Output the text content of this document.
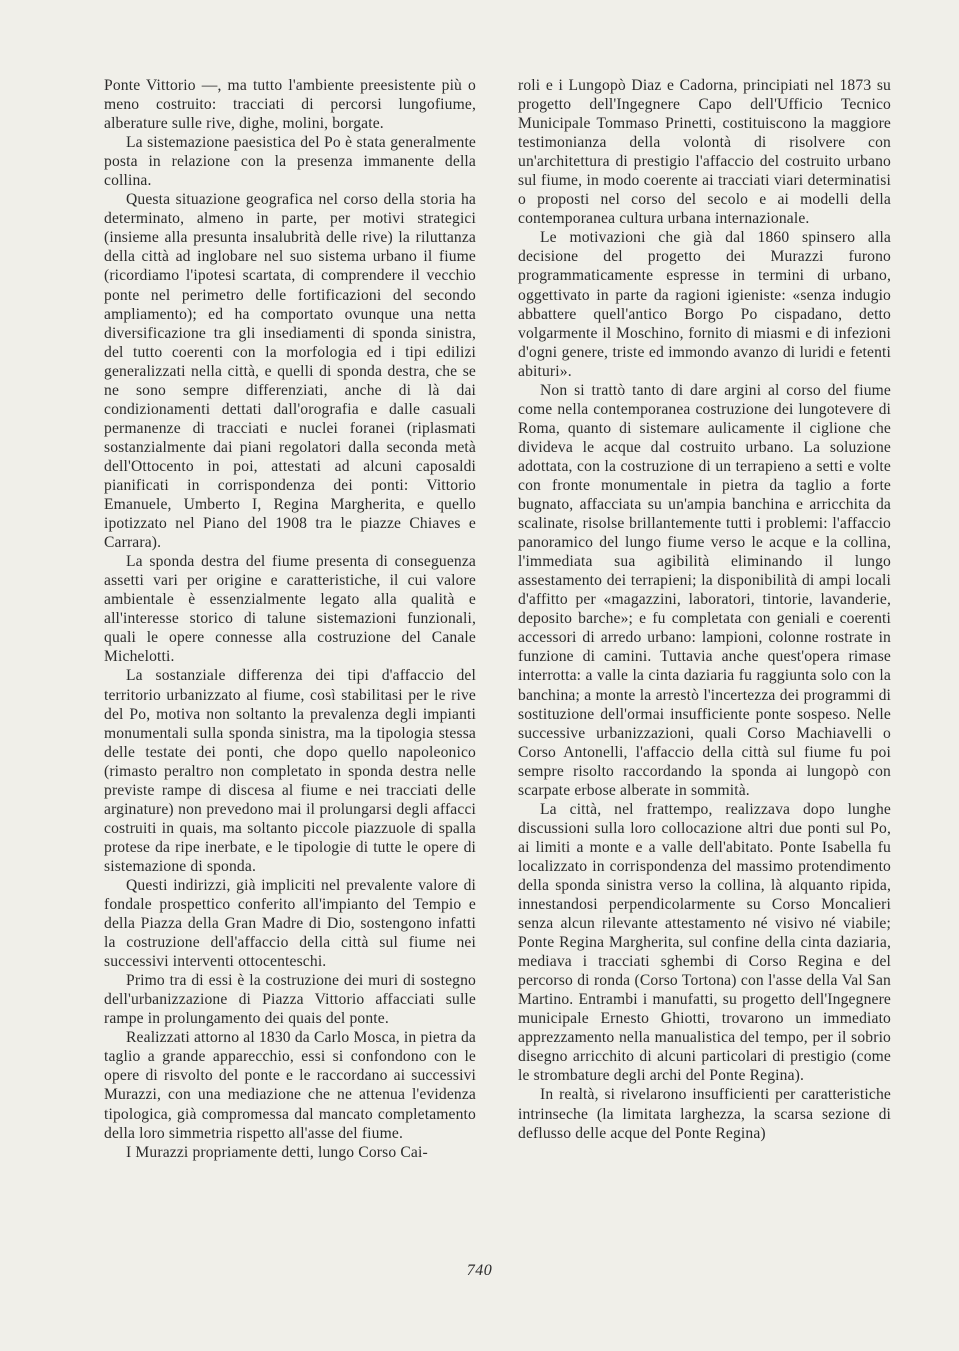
Ponte Vittorio —, ma tutto l'ambiente preesistente più o meno costruito: tracciati di percorsi lungofiume, alberature sulle rive, dighe, molini, borgate.

La sistemazione paesistica del Po è stata generalmente posta in relazione con la presenza immanente della collina.

Questa situazione geografica nel corso della storia ha determinato, almeno in parte, per motivi strategici (insieme alla presunta insalubrità delle rive) la riluttanza della città ad inglobare nel suo sistema urbano il fiume (ricordiamo l'ipotesi scartata, di comprendere il vecchio ponte nel perimetro delle fortificazioni del secondo ampliamento); ed ha comportato ovunque una netta diversificazione tra gli insediamenti di sponda sinistra, del tutto coerenti con la morfologia ed i tipi edilizi generalizzati nella città, e quelli di sponda destra, che se ne sono sempre differenziati, anche di là dai condizionamenti dettati dall'orografia e dalle casuali permanenze di tracciati e nuclei foranei (riplasmati sostanzialmente dai piani regolatori dalla seconda metà dell'Ottocento in poi, attestati ad alcuni caposaldi pianificati in corrispondenza dei ponti: Vittorio Emanuele, Umberto I, Regina Margherita, e quello ipotizzato nel Piano del 1908 tra le piazze Chiaves e Carrara).

La sponda destra del fiume presenta di conseguenza assetti vari per origine e caratteristiche, il cui valore ambientale è essenzialmente legato alla qualità e all'interesse storico di talune sistemazioni funzionali, quali le opere connesse alla costruzione del Canale Michelotti.

La sostanziale differenza dei tipi d'affaccio del territorio urbanizzato al fiume, così stabilitasi per le rive del Po, motiva non soltanto la prevalenza degli impianti monumentali sulla sponda sinistra, ma la tipologia stessa delle testate dei ponti, che dopo quello napoleonico (rimasto peraltro non completato in sponda destra nelle previste rampe di discesa al fiume e nei tracciati delle arginature) non prevedono mai il prolungarsi degli affacci costruiti in quais, ma soltanto piccole piazzuole di spalla protese da ripe inerbate, e le tipologie di tutte le opere di sistemazione di sponda.

Questi indirizzi, già impliciti nel prevalente valore di fondale prospettico conferito all'impianto del Tempio e della Piazza della Gran Madre di Dio, sostengono infatti la costruzione dell'affaccio della città sul fiume nei successivi interventi ottocenteschi.

Primo tra di essi è la costruzione dei muri di sostegno dell'urbanizzazione di Piazza Vittorio affacciati sulle rampe in prolungamento dei quais del ponte.

Realizzati attorno al 1830 da Carlo Mosca, in pietra da taglio a grande apparecchio, essi si confondono con le opere di risvolto del ponte e le raccordano ai successivi Murazzi, con una mediazione che ne attenua l'evidenza tipologica, già compromessa dal mancato completamento della loro simmetria rispetto all'asse del fiume.

I Murazzi propriamente detti, lungo Corso Cai-

roli e i Lungopò Diaz e Cadorna, principiati nel 1873 su progetto dell'Ingegnere Capo dell'Ufficio Tecnico Municipale Tommaso Prinetti, costituiscono la maggiore testimonianza della volontà di risolvere con un'architettura di prestigio l'affaccio del costruito urbano sul fiume, in modo coerente ai tracciati viari determinatisi o proposti nel corso del secolo e ai modelli della contemporanea cultura urbana internazionale.

Le motivazioni che già dal 1860 spinsero alla decisione del progetto dei Murazzi furono programmaticamente espresse in termini di urbano, oggettivato in parte da ragioni igieniste: «senza indugio abbattere quell'antico Borgo Po cispadano, detto volgarmente il Moschino, fornito di miasmi e di infezioni d'ogni genere, triste ed immondo avanzo di luridi e fetenti abituri».

Non si trattò tanto di dare argini al corso del fiume come nella contemporanea costruzione dei lungotevere di Roma, quanto di sistemare aulicamente il ciglione che divideva le acque dal costruito urbano. La soluzione adottata, con la costruzione di un terrapieno a setti e volte con fronte monumentale in pietra da taglio a forte bugnato, affacciata su un'ampia banchina e arricchita da scalinate, risolse brillantemente tutti i problemi: l'affaccio panoramico del lungo fiume verso le acque e la collina, l'immediata sua agibilità eliminando il lungo assestamento dei terrapieni; la disponibilità di ampi locali d'affitto per «magazzini, laboratori, tintorie, lavanderie, deposito barche»; e fu completata con geniali e coerenti accessori di arredo urbano: lampioni, colonne rostrate in funzione di camini. Tuttavia anche quest'opera rimase interrotta: a valle la cinta daziaria fu raggiunta solo con la banchina; a monte la arrestò l'incertezza dei programmi di sostituzione dell'ormai insufficiente ponte sospeso. Nelle successive urbanizzazioni, quali Corso Machiavelli o Corso Antonelli, l'affaccio della città sul fiume fu poi sempre risolto raccordando la sponda ai lungopò con scarpate erbose alberate in sommità.

La città, nel frattempo, realizzava dopo lunghe discussioni sulla loro collocazione altri due ponti sul Po, ai limiti a monte e a valle dell'abitato. Ponte Isabella fu localizzato in corrispondenza del massimo protendimento della sponda sinistra verso la collina, là alquanto ripida, innestandosi perpendicolarmente su Corso Moncalieri senza alcun rilevante attestamento né visivo né viabile; Ponte Regina Margherita, sul confine della cinta daziaria, mediava i tracciati sghembi di Corso Regina e del percorso di ronda (Corso Tortona) con l'asse della Val San Martino. Entrambi i manufatti, su progetto dell'Ingegnere municipale Ernesto Ghiotti, trovarono un immediato apprezzamento nella manualistica del tempo, per il sobrio disegno arricchito di alcuni particolari di prestigio (come le strombature degli archi del Ponte Regina).

In realtà, si rivelarono insufficienti per caratteristiche intrinseche (la limitata larghezza, la scarsa sezione di deflusso delle acque del Ponte Regina)

740
